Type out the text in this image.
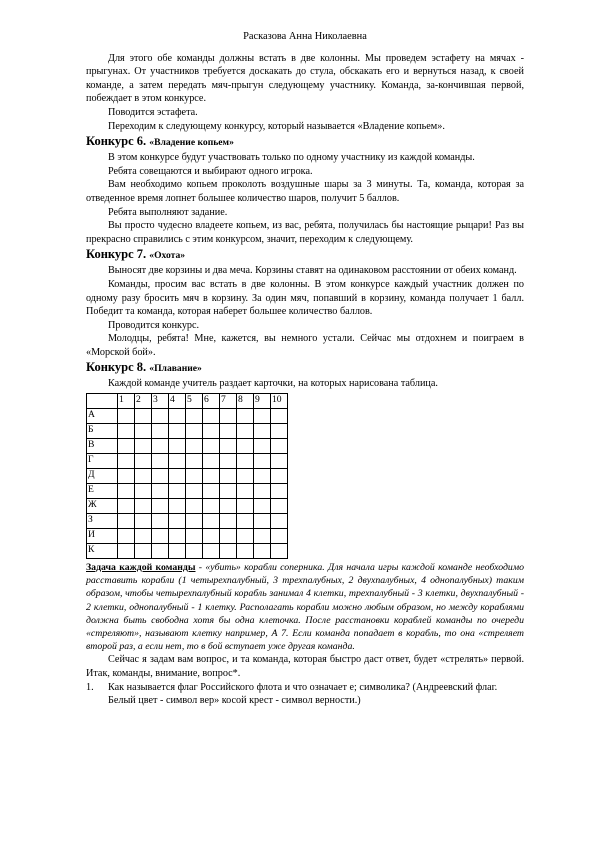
Расказова Анна Николаевна

Для этого обе команды должны встать в две колонны. Мы проведем эстафету на мячах - прыгунах. От участников требуется доскакать до стула, обскакать его и вернуться назад, к своей команде, а затем передать мяч-прыгун следующему участнику. Команда, за-кончившая первой, побеждает в этом конкурсе.

Поводится эстафета.

Переходим к следующему конкурсу, который называется «Владение копьем».

Конкурс 6. «Владение копьем»

В этом конкурсе будут участвовать только по одному участнику из каждой команды.

Ребята совещаются и выбирают одного игрока.

Вам необходимо копьем проколоть воздушные шары за 3 минуты. Та, команда, которая за отведенное время лопнет большее количество шаров, получит 5 баллов.

Ребята выполняют задание.

Вы просто чудесно владеете копьем, из вас, ребята, получилась бы настоящие рыцари! Раз вы прекрасно справились с этим конкурсом, значит, переходим к следующему.

Конкурс 7. «Охота»

Выносят две корзины и два меча. Корзины ставят на одинаковом расстоянии от обеих команд.

Команды, просим вас встать в две колонны. В этом конкурсе каждый участник должен по одному разу бросить мяч в корзину. За один мяч, попавший в корзину, команда получает 1 балл. Победит та команда, которая наберет большее количество баллов.

Проводится конкурс.

Молодцы, ребята! Мне, кажется, вы немного устали. Сейчас мы отдохнем и поиграем в «Морской бой».

Конкурс 8. «Плавание»

Каждой команде учитель раздает карточки, на которых нарисована таблица.

	1	2	3	4	5	6	7	8	9	10
А										
Б										
В										
Г										
Д										
Е										
Ж										
З										
И										
К										

Задача каждой команды - «убить» корабли соперника. Для начала игры каждой команде необходимо расставить корабли (1 четырехпалубный, 3 трехпалубных, 2 двухпалубных, 4 однопалубных) таким образом, чтобы четырехпалубный корабль занимал 4 клетки, трехпалубный - 3 клетки, двухпалубный - 2 клетки, однопалубный - 1 клетку. Располагать корабли можно любым образом, но между кораблями должна быть свободна хотя бы одна клеточка. После расстановки кораблей команды по очереди «стреляют», называют клетку например, А 7. Если команда попадает в корабль, то она «стреляет второй раз, а если нет, то в бой вступает уже другая команда.

Сейчас я задам вам вопрос, и та команда, которая быстро даст ответ, будет «стрелять» первой. Итак, команды, внимание, вопрос*.

1.	Как называется флаг Российского флота и что означает е; символика? (Андреевский флаг. Белый цвет - символ вер» косой крест - символ верности.)
